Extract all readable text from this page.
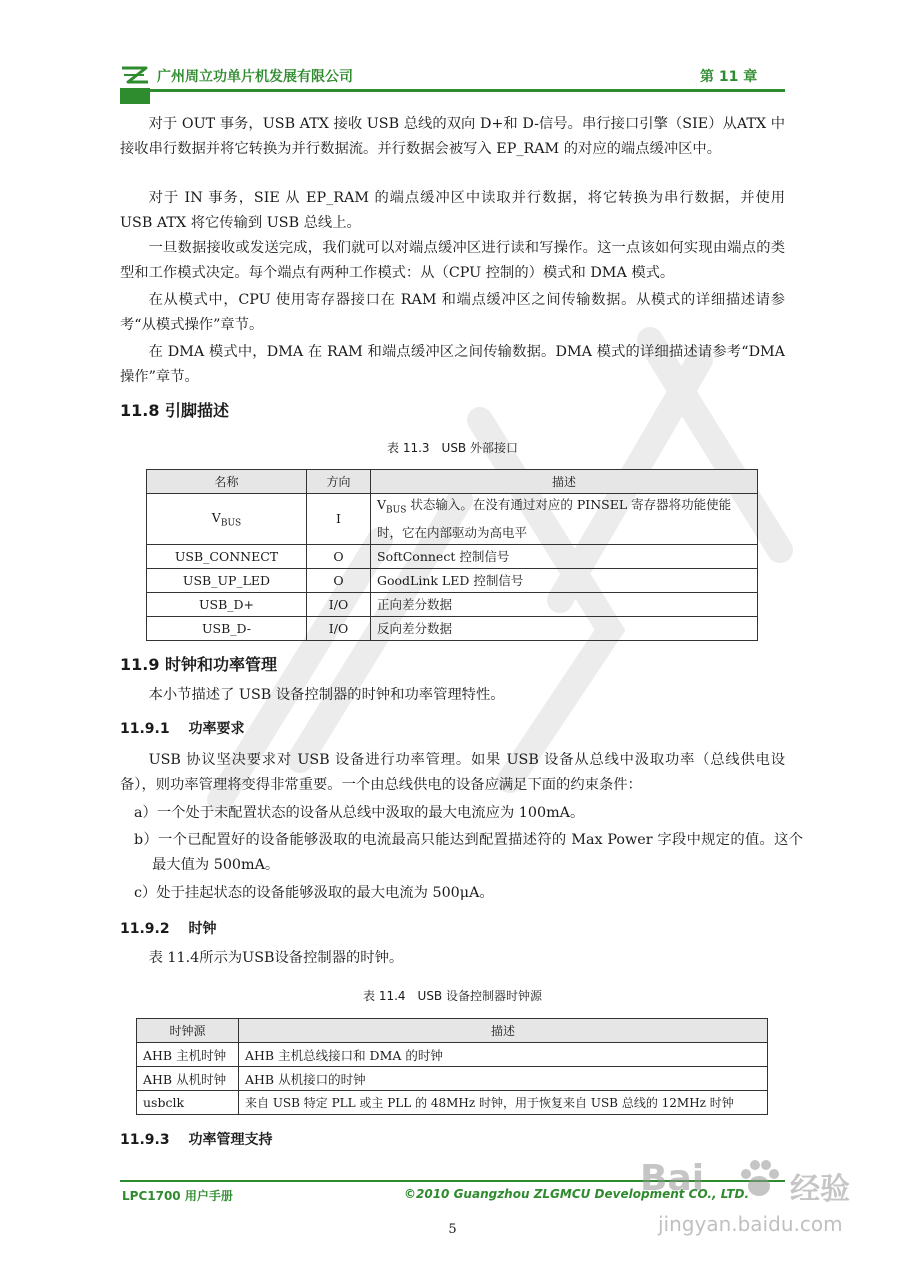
广州周立功单片机发展有限公司	第 11 章
对于 OUT 事务，USB ATX 接收 USB 总线的双向 D+和 D-信号。串行接口引擎（SIE）从ATX 中接收串行数据并将它转换为并行数据流。并行数据会被写入 EP_RAM 的对应的端点缓冲区中。
对于 IN 事务，SIE 从 EP_RAM 的端点缓冲区中读取并行数据，将它转换为串行数据，并使用 USB ATX 将它传输到 USB 总线上。
一旦数据接收或发送完成，我们就可以对端点缓冲区进行读和写操作。这一点该如何实现由端点的类型和工作模式决定。每个端点有两种工作模式：从（CPU 控制的）模式和 DMA 模式。
在从模式中，CPU 使用寄存器接口在 RAM 和端点缓冲区之间传输数据。从模式的详细描述请参考“从模式操作”章节。
在 DMA 模式中，DMA 在 RAM 和端点缓冲区之间传输数据。DMA 模式的详细描述请参考“DMA 操作”章节。
11.8 引脚描述
表 11.3　USB 外部接口
名称	方向	描述
$V_{BUS}$	I	$V_{BUS}$ 状态输入。在没有通过对应的 PINSEL 寄存器将功能使能时，它在内部驱动为高电平
USB_CONNECT	O	SoftConnect 控制信号
USB_UP_LED	O	GoodLink LED 控制信号
USB_D+	I/O	正向差分数据
USB_D-	I/O	反向差分数据
11.9 时钟和功率管理
本小节描述了 USB 设备控制器的时钟和功率管理特性。
11.9.1　 功率要求
USB 协议坚决要求对 USB 设备进行功率管理。如果 USB 设备从总线中汲取功率（总线供电设备），则功率管理将变得非常重要。一个由总线供电的设备应满足下面的约束条件：
a）一个处于未配置状态的设备从总线中汲取的最大电流应为 100mA。
b）一个已配置好的设备能够汲取的电流最高只能达到配置描述符的 Max Power 字段中规定的值。这个最大值为 500mA。
c）处于挂起状态的设备能够汲取的最大电流为 500μA。
11.9.2　 时钟
表 11.4所示为USB设备控制器的时钟。
表 11.4　USB 设备控制器时钟源
时钟源	描述
AHB 主机时钟	AHB 主机总线接口和 DMA 的时钟
AHB 从机时钟	AHB 从机接口的时钟
usbclk	来自 USB 特定 PLL 或主 PLL 的 48MHz 时钟，用于恢复来自 USB 总线的 12MHz 时钟
11.9.3　 功率管理支持
LPC1700 用户手册	©2010 Guangzhou ZLGMCU Development CO., LTD.
5
Bai	经验
jingyan.baidu.com
